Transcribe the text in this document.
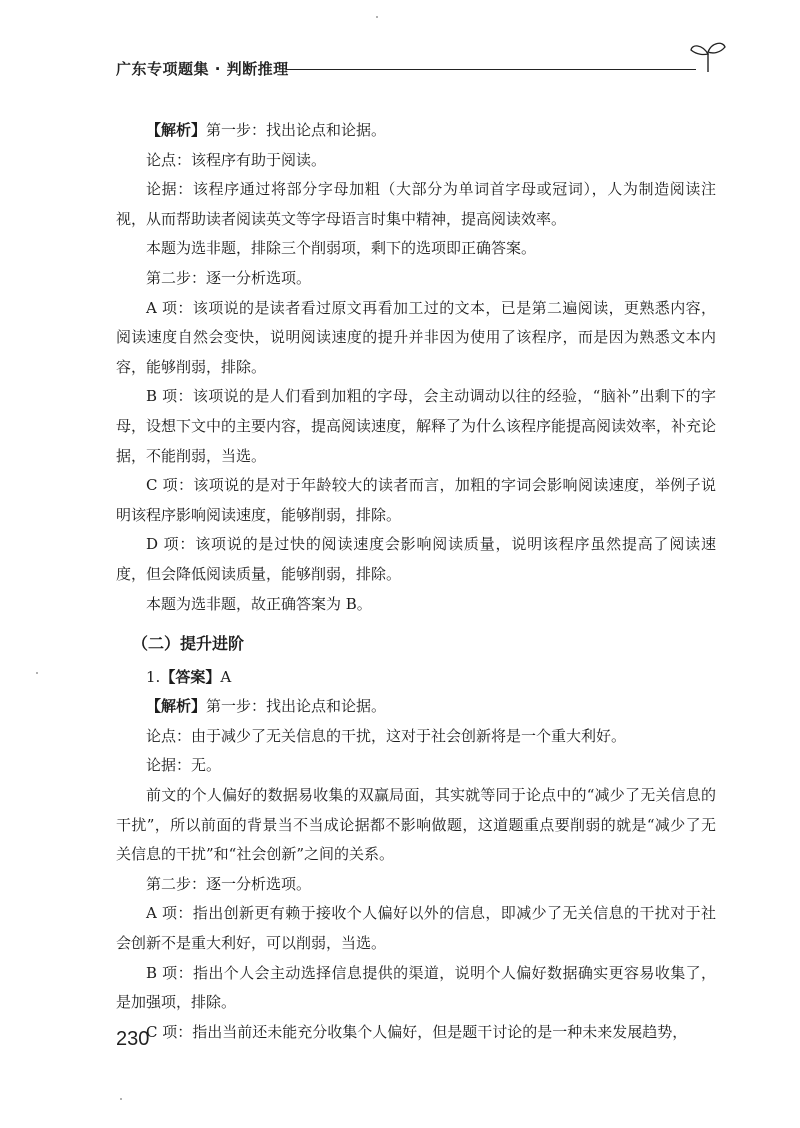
广东专项题集 · 判断推理

【解析】第一步：找出论点和论据。

论点：该程序有助于阅读。

论据：该程序通过将部分字母加粗（大部分为单词首字母或冠词），人为制造阅读注视，从而帮助读者阅读英文等字母语言时集中精神，提高阅读效率。

本题为选非题，排除三个削弱项，剩下的选项即正确答案。

第二步：逐一分析选项。

A 项：该项说的是读者看过原文再看加工过的文本，已是第二遍阅读，更熟悉内容，阅读速度自然会变快，说明阅读速度的提升并非因为使用了该程序，而是因为熟悉文本内容，能够削弱，排除。

B 项：该项说的是人们看到加粗的字母，会主动调动以往的经验，“脑补”出剩下的字母，设想下文中的主要内容，提高阅读速度，解释了为什么该程序能提高阅读效率，补充论据，不能削弱，当选。

C 项：该项说的是对于年龄较大的读者而言，加粗的字词会影响阅读速度，举例子说明该程序影响阅读速度，能够削弱，排除。

D 项：该项说的是过快的阅读速度会影响阅读质量，说明该程序虽然提高了阅读速度，但会降低阅读质量，能够削弱，排除。

本题为选非题，故正确答案为 B。

（二）提升进阶

1.【答案】A

【解析】第一步：找出论点和论据。

论点：由于减少了无关信息的干扰，这对于社会创新将是一个重大利好。

论据：无。

前文的个人偏好的数据易收集的双赢局面，其实就等同于论点中的“减少了无关信息的干扰”，所以前面的背景当不当成论据都不影响做题，这道题重点要削弱的就是“减少了无关信息的干扰”和“社会创新”之间的关系。

第二步：逐一分析选项。

A 项：指出创新更有赖于接收个人偏好以外的信息，即减少了无关信息的干扰对于社会创新不是重大利好，可以削弱，当选。

B 项：指出个人会主动选择信息提供的渠道，说明个人偏好数据确实更容易收集了，是加强项，排除。

C 项：指出当前还未能充分收集个人偏好，但是题干讨论的是一种未来发展趋势，

230
